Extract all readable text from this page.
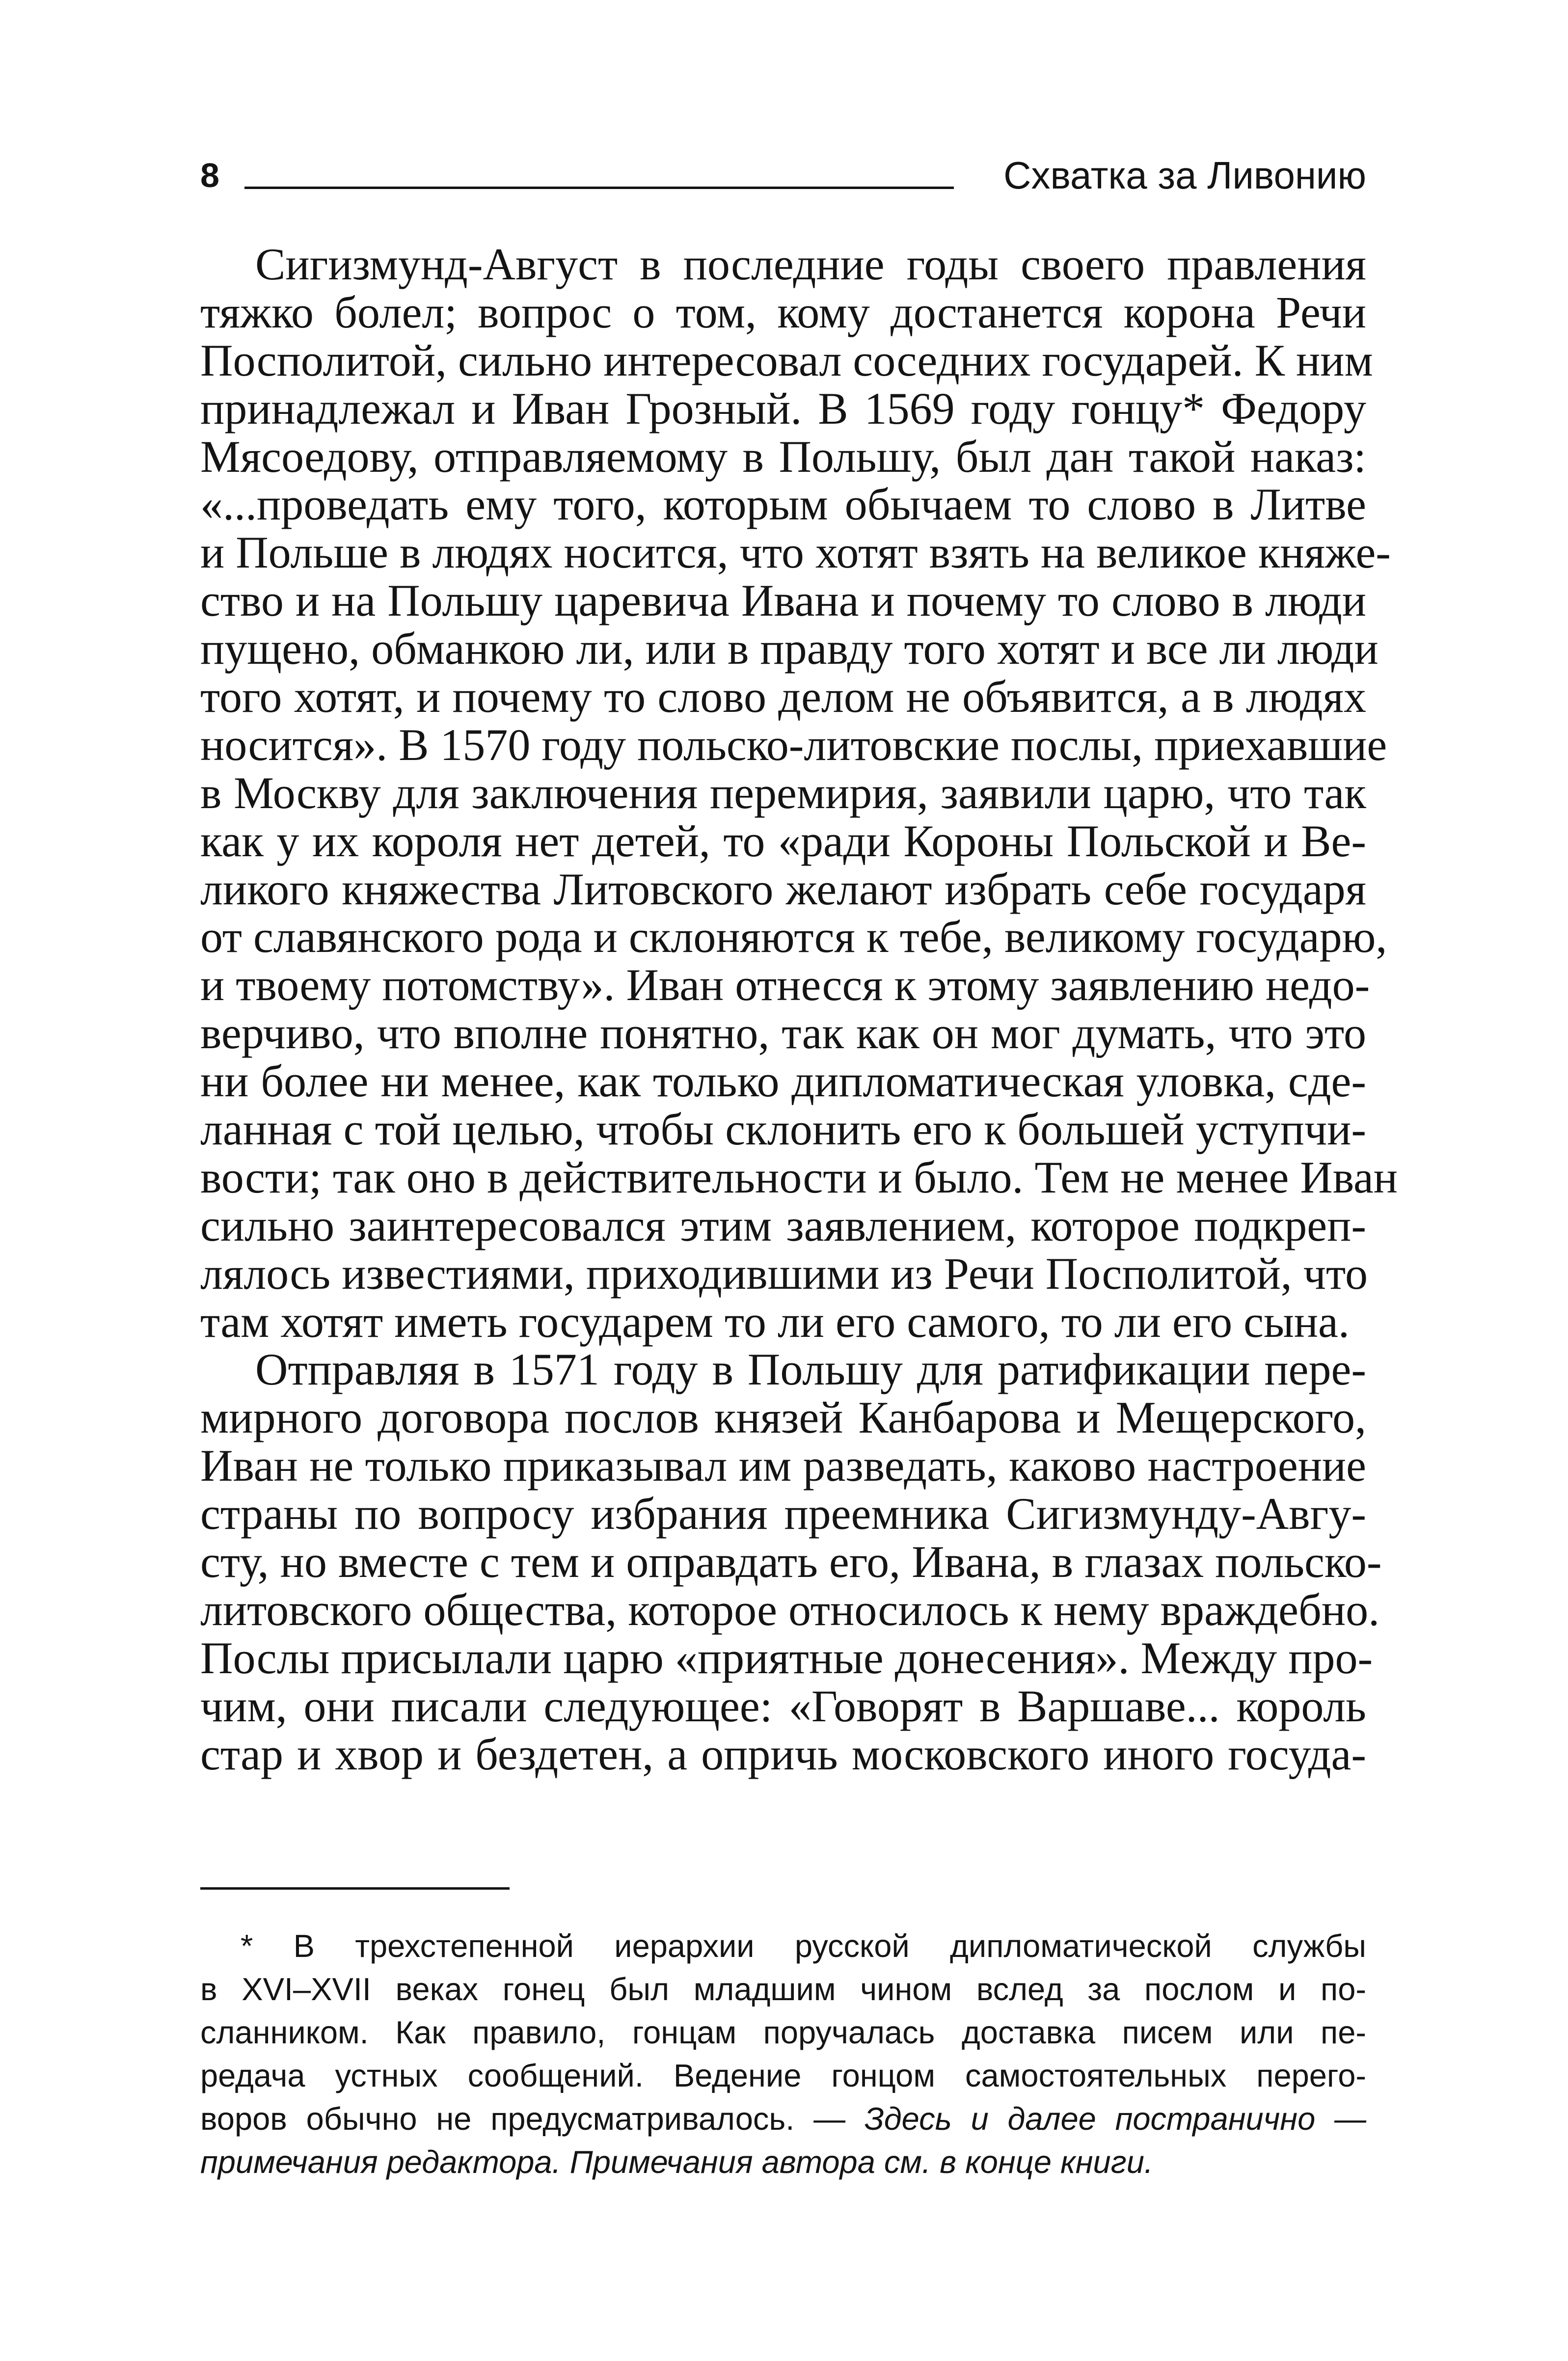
8	Схватка за Ливонию
Сигизмунд-Август в последние годы своего правления
тяжко болел; вопрос о том, кому достанется корона Речи
Посполитой, сильно интересовал соседних государей. К ним
принадлежал и Иван Грозный. В 1569 году гонцу* Федору
Мясоедову, отправляемому в Польшу, был дан такой наказ:
«...проведать ему того, которым обычаем то слово в Литве
и Польше в людях носится, что хотят взять на великое княже-
ство и на Польшу царевича Ивана и почему то слово в люди
пущено, обманкою ли, или в правду того хотят и все ли люди
того хотят, и почему то слово делом не объявится, а в людях
носится». В 1570 году польско-литовские послы, приехавшие
в Москву для заключения перемирия, заявили царю, что так
как у их короля нет детей, то «ради Короны Польской и Ве-
ликого княжества Литовского желают избрать себе государя
от славянского рода и склоняются к тебе, великому государю,
и твоему потомству». Иван отнесся к этому заявлению недо-
верчиво, что вполне понятно, так как он мог думать, что это
ни более ни менее, как только дипломатическая уловка, сде-
ланная с той целью, чтобы склонить его к большей уступчи-
вости; так оно в действительности и было. Тем не менее Иван
сильно заинтересовался этим заявлением, которое подкреп-
лялось известиями, приходившими из Речи Посполитой, что
там хотят иметь государем то ли его самого, то ли его сына.
Отправляя в 1571 году в Польшу для ратификации пере-
мирного договора послов князей Канбарова и Мещерского,
Иван не только приказывал им разведать, каково настроение
страны по вопросу избрания преемника Сигизмунду-Авгу-
сту, но вместе с тем и оправдать его, Ивана, в глазах польско-
литовского общества, которое относилось к нему враждебно.
Послы присылали царю «приятные донесения». Между про-
чим, они писали следующее: «Говорят в Варшаве... король
стар и хвор и бездетен, а опричь московского иного госуда-
* В трехстепенной иерархии русской дипломатической службы
в XVI–XVII веках гонец был младшим чином вслед за послом и по-
сланником. Как правило, гонцам поручалась доставка писем или пе-
редача устных сообщений. Ведение гонцом самостоятельных перего-
воров обычно не предусматривалось. — Здесь и далее постранично —
примечания редактора. Примечания автора см. в конце книги.
